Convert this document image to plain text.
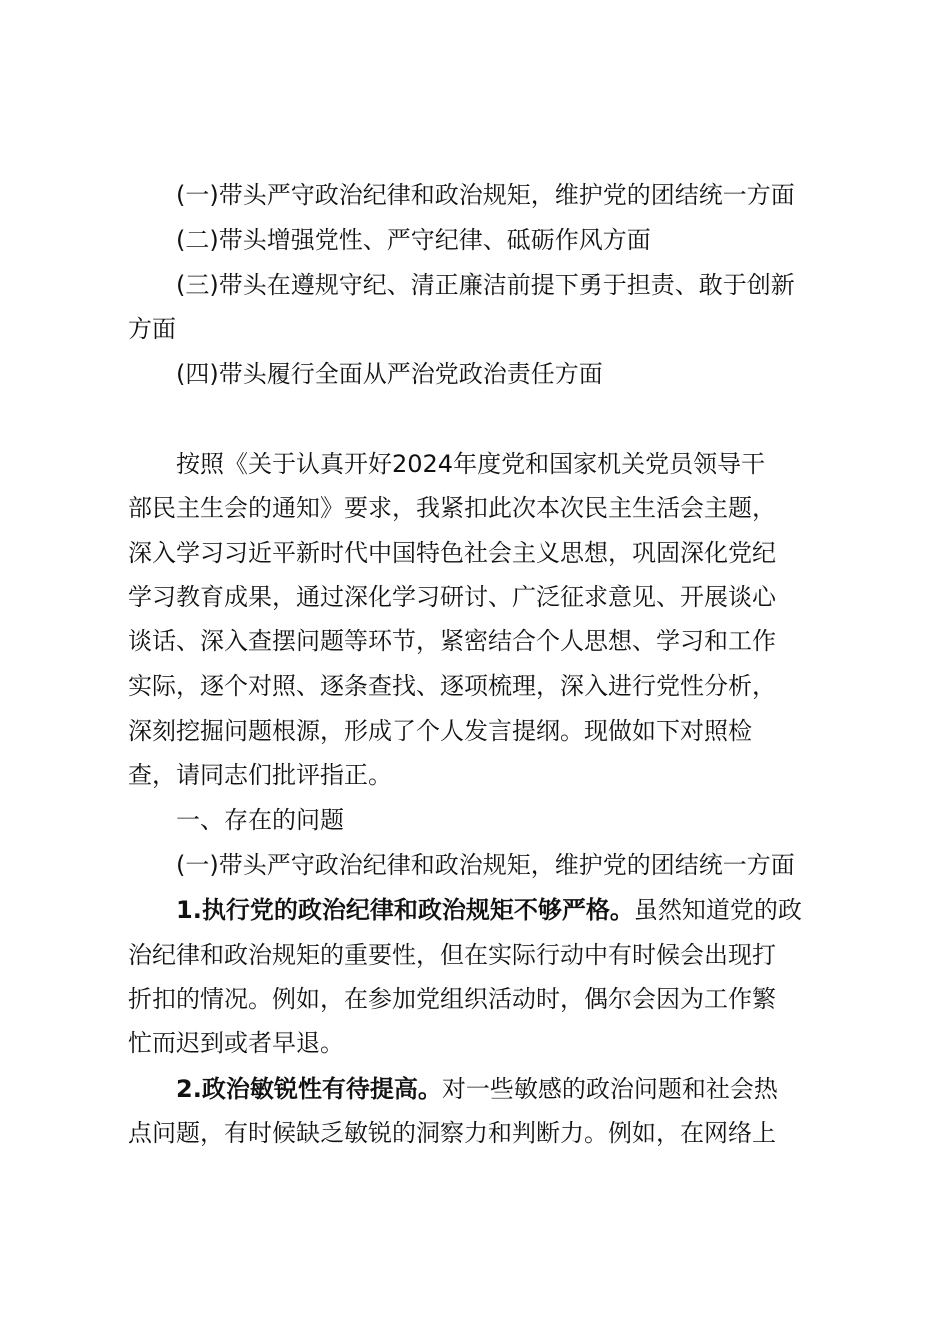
(一)带头严守政治纪律和政治规矩，维护党的团结统一方面
(二)带头增强党性、严守纪律、砥砺作风方面
(三)带头在遵规守纪、清正廉洁前提下勇于担责、敢于创新
方面
(四)带头履行全面从严治党政治责任方面
按照《关于认真开好2024年度党和国家机关党员领导干
部民主生会的通知》要求，我紧扣此次本次民主生活会主题，
深入学习习近平新时代中国特色社会主义思想，巩固深化党纪
学习教育成果，通过深化学习研讨、广泛征求意见、开展谈心
谈话、深入查摆问题等环节，紧密结合个人思想、学习和工作
实际，逐个对照、逐条查找、逐项梳理，深入进行党性分析，
深刻挖掘问题根源，形成了个人发言提纲。现做如下对照检
查，请同志们批评指正。
一、存在的问题
(一)带头严守政治纪律和政治规矩，维护党的团结统一方面
1.执行党的政治纪律和政治规矩不够严格。虽然知道党的政
治纪律和政治规矩的重要性，但在实际行动中有时候会出现打
折扣的情况。例如，在参加党组织活动时，偶尔会因为工作繁
忙而迟到或者早退。
2.政治敏锐性有待提高。对一些敏感的政治问题和社会热
点问题，有时候缺乏敏锐的洞察力和判断力。例如，在网络上
